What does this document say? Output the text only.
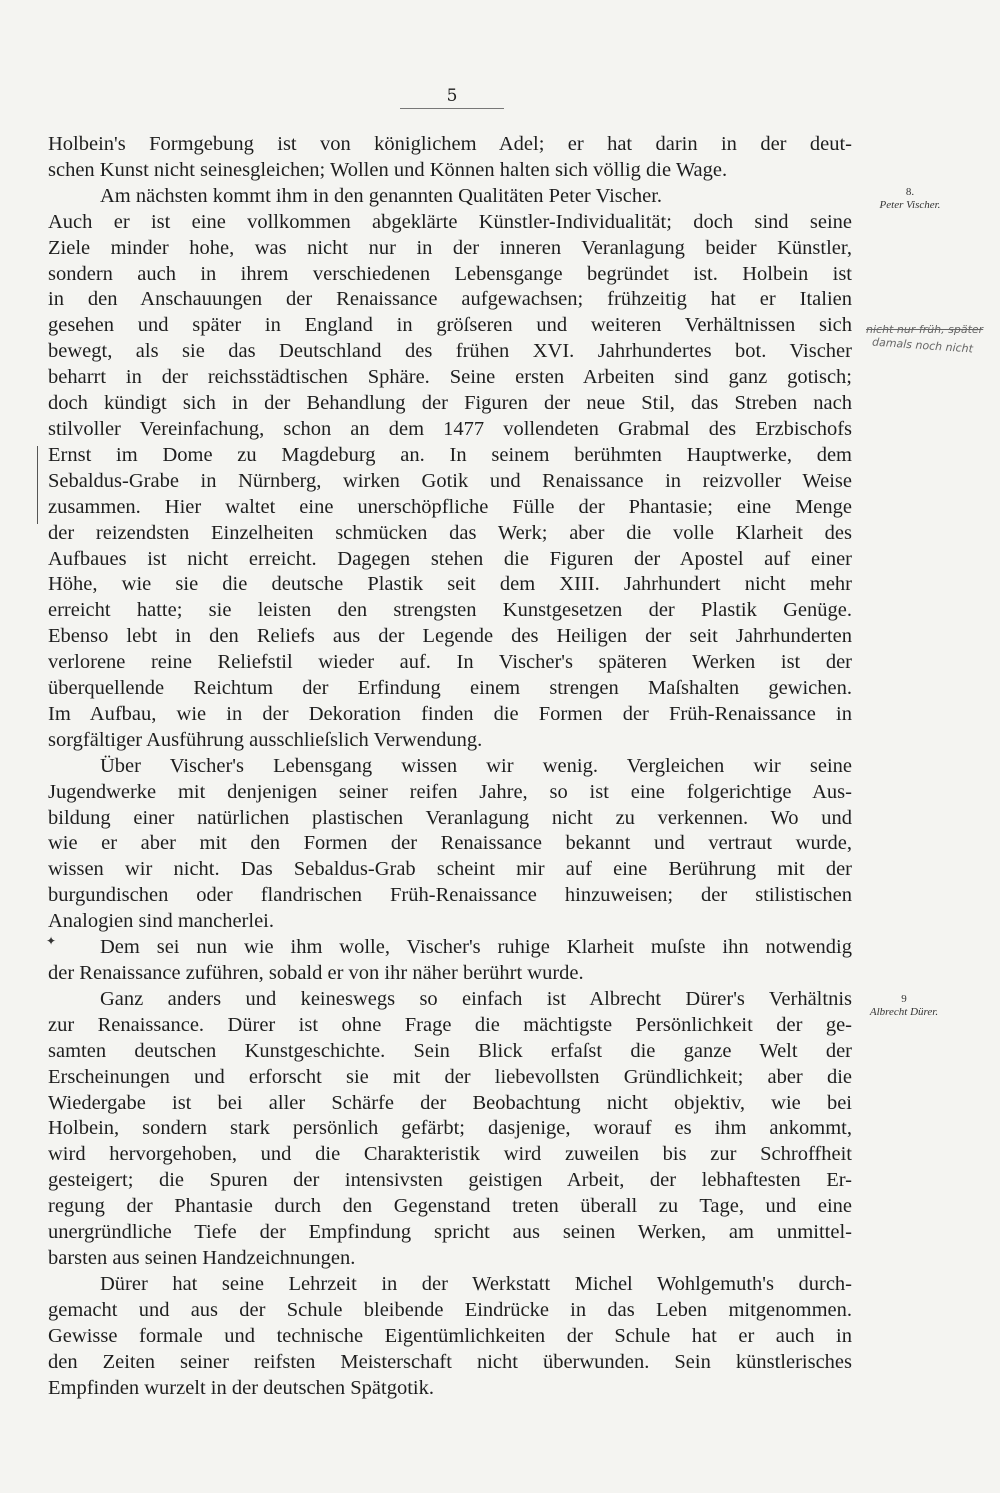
5
Holbein's Formgebung ist von königlichem Adel; er hat darin in der deut-
schen Kunst nicht seinesgleichen; Wollen und Können halten sich völlig die Wage.
Am nächsten kommt ihm in den genannten Qualitäten Peter Vischer.
Auch er ist eine vollkommen abgeklärte Künstler-Individualität; doch sind seine
Ziele minder hohe, was nicht nur in der inneren Veranlagung beider Künstler,
sondern auch in ihrem verschiedenen Lebensgange begründet ist. Holbein ist
in den Anschauungen der Renaissance aufgewachsen; frühzeitig hat er Italien
gesehen und später in England in gröſseren und weiteren Verhältnissen sich
bewegt, als sie das Deutschland des frühen XVI. Jahrhundertes bot. Vischer
beharrt in der reichsstädtischen Sphäre. Seine ersten Arbeiten sind ganz gotisch;
doch kündigt sich in der Behandlung der Figuren der neue Stil, das Streben nach
stilvoller Vereinfachung, schon an dem 1477 vollendeten Grabmal des Erzbischofs
Ernst im Dome zu Magdeburg an. In seinem berühmten Hauptwerke, dem
Sebaldus-Grabe in Nürnberg, wirken Gotik und Renaissance in reizvoller Weise
zusammen. Hier waltet eine unerschöpfliche Fülle der Phantasie; eine Menge
der reizendsten Einzelheiten schmücken das Werk; aber die volle Klarheit des
Aufbaues ist nicht erreicht. Dagegen stehen die Figuren der Apostel auf einer
Höhe, wie sie die deutsche Plastik seit dem XIII. Jahrhundert nicht mehr
erreicht hatte; sie leisten den strengsten Kunstgesetzen der Plastik Genüge.
Ebenso lebt in den Reliefs aus der Legende des Heiligen der seit Jahrhunderten
verlorene reine Reliefstil wieder auf. In Vischer's späteren Werken ist der
überquellende Reichtum der Erfindung einem strengen Maſshalten gewichen.
Im Aufbau, wie in der Dekoration finden die Formen der Früh-Renaissance in
sorgfältiger Ausführung ausschlieſslich Verwendung.
Über Vischer's Lebensgang wissen wir wenig. Vergleichen wir seine
Jugendwerke mit denjenigen seiner reifen Jahre, so ist eine folgerichtige Aus-
bildung einer natürlichen plastischen Veranlagung nicht zu verkennen. Wo und
wie er aber mit den Formen der Renaissance bekannt und vertraut wurde,
wissen wir nicht. Das Sebaldus-Grab scheint mir auf eine Berührung mit der
burgundischen oder flandrischen Früh-Renaissance hinzuweisen; der stilistischen
Analogien sind mancherlei.
Dem sei nun wie ihm wolle, Vischer's ruhige Klarheit muſste ihn notwendig
der Renaissance zuführen, sobald er von ihr näher berührt wurde.
Ganz anders und keineswegs so einfach ist Albrecht Dürer's Verhältnis
zur Renaissance. Dürer ist ohne Frage die mächtigste Persönlichkeit der ge-
samten deutschen Kunstgeschichte. Sein Blick erfaſst die ganze Welt der
Erscheinungen und erforscht sie mit der liebevollsten Gründlichkeit; aber die
Wiedergabe ist bei aller Schärfe der Beobachtung nicht objektiv, wie bei
Holbein, sondern stark persönlich gefärbt; dasjenige, worauf es ihm ankommt,
wird hervorgehoben, und die Charakteristik wird zuweilen bis zur Schroffheit
gesteigert; die Spuren der intensivsten geistigen Arbeit, der lebhaftesten Er-
regung der Phantasie durch den Gegenstand treten überall zu Tage, und eine
unergründliche Tiefe der Empfindung spricht aus seinen Werken, am unmittel-
barsten aus seinen Handzeichnungen.
Dürer hat seine Lehrzeit in der Werkstatt Michel Wohlgemuth's durch-
gemacht und aus der Schule bleibende Eindrücke in das Leben mitgenommen.
Gewisse formale und technische Eigentümlichkeiten der Schule hat er auch in
den Zeiten seiner reifsten Meisterschaft nicht überwunden. Sein künstlerisches
Empfinden wurzelt in der deutschen Spätgotik.
8.
Peter Vischer.
9
Albrecht Dürer.
nicht nur früh, später
damals noch nicht
✦
